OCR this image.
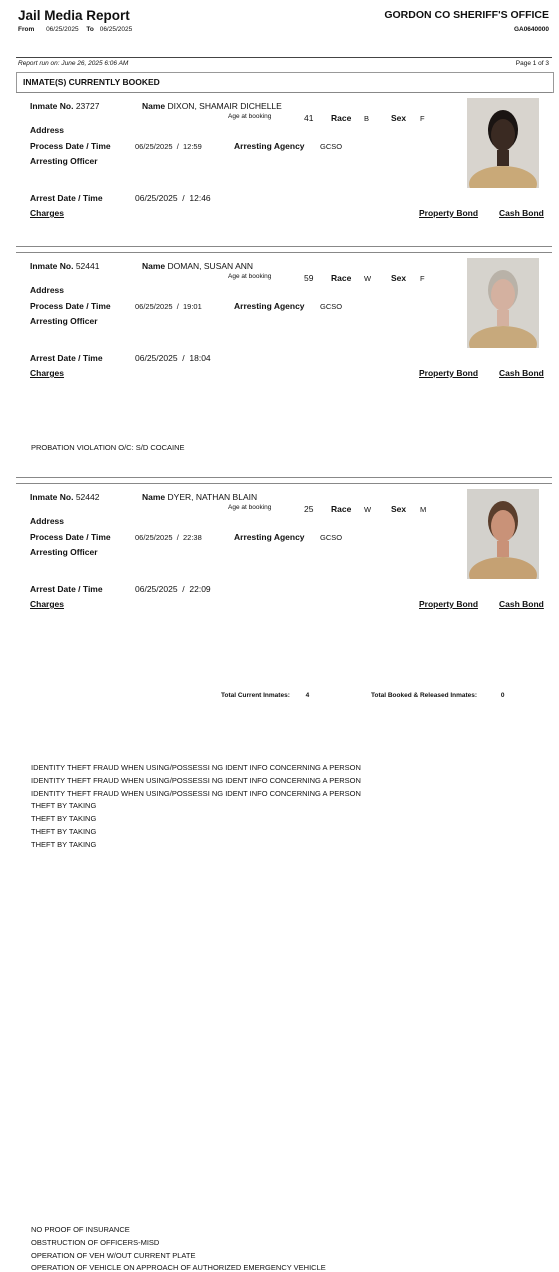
Jail Media Report	GORDON CO SHERIFF'S OFFICE
From 06/25/2025 To 06/25/2025	GA0640000
Report run on: June 26, 2025 6:06 AM	Page 1 of 3
INMATE(S) CURRENTLY BOOKED
Inmate No. 23727	Name DIXON, SHAMAIR DICHELLE
Age at booking	41 Race B	Sex F
Address
Process Date / Time	06/25/2025 / 12:59	Arresting Agency GCSO
Arresting Officer
Arrest Date / Time	06/25/2025 / 12:46
Charges	Property Bond Cash Bond
PROBATION VIOLATION O/C: S/D COCAINE
Inmate No. 52441	Name DOMAN, SUSAN ANN
Age at booking	59 Race W Sex F
Address
Process Date / Time	06/25/2025 / 19:01	Arresting Agency GCSO
Arresting Officer
Arrest Date / Time	06/25/2025 / 18:04
Charges	Property Bond Cash Bond
IDENTITY THEFT FRAUD WHEN USING/POSSESSI NG IDENT INFO CONCERNING A PERSON
IDENTITY THEFT FRAUD WHEN USING/POSSESSI NG IDENT INFO CONCERNING A PERSON
IDENTITY THEFT FRAUD WHEN USING/POSSESSI NG IDENT INFO CONCERNING A PERSON
THEFT BY TAKING
THEFT BY TAKING
THEFT BY TAKING
THEFT BY TAKING
Inmate No. 52442	Name DYER, NATHAN BLAIN
Age at booking	25 Race W Sex M
Address
Process Date / Time	06/25/2025 / 22:38	Arresting Agency GCSO
Arresting Officer
Arrest Date / Time	06/25/2025 / 22:09
Charges	Property Bond Cash Bond
NO PROOF OF INSURANCE
OBSTRUCTION OF OFFICERS-MISD
OPERATION OF VEH W/OUT CURRENT PLATE
OPERATION OF VEHICLE ON APPROACH OF AUTHORIZED EMERGENCY VEHICLE
Total Current Inmates: 4	Total Booked & Released Inmates:	0
